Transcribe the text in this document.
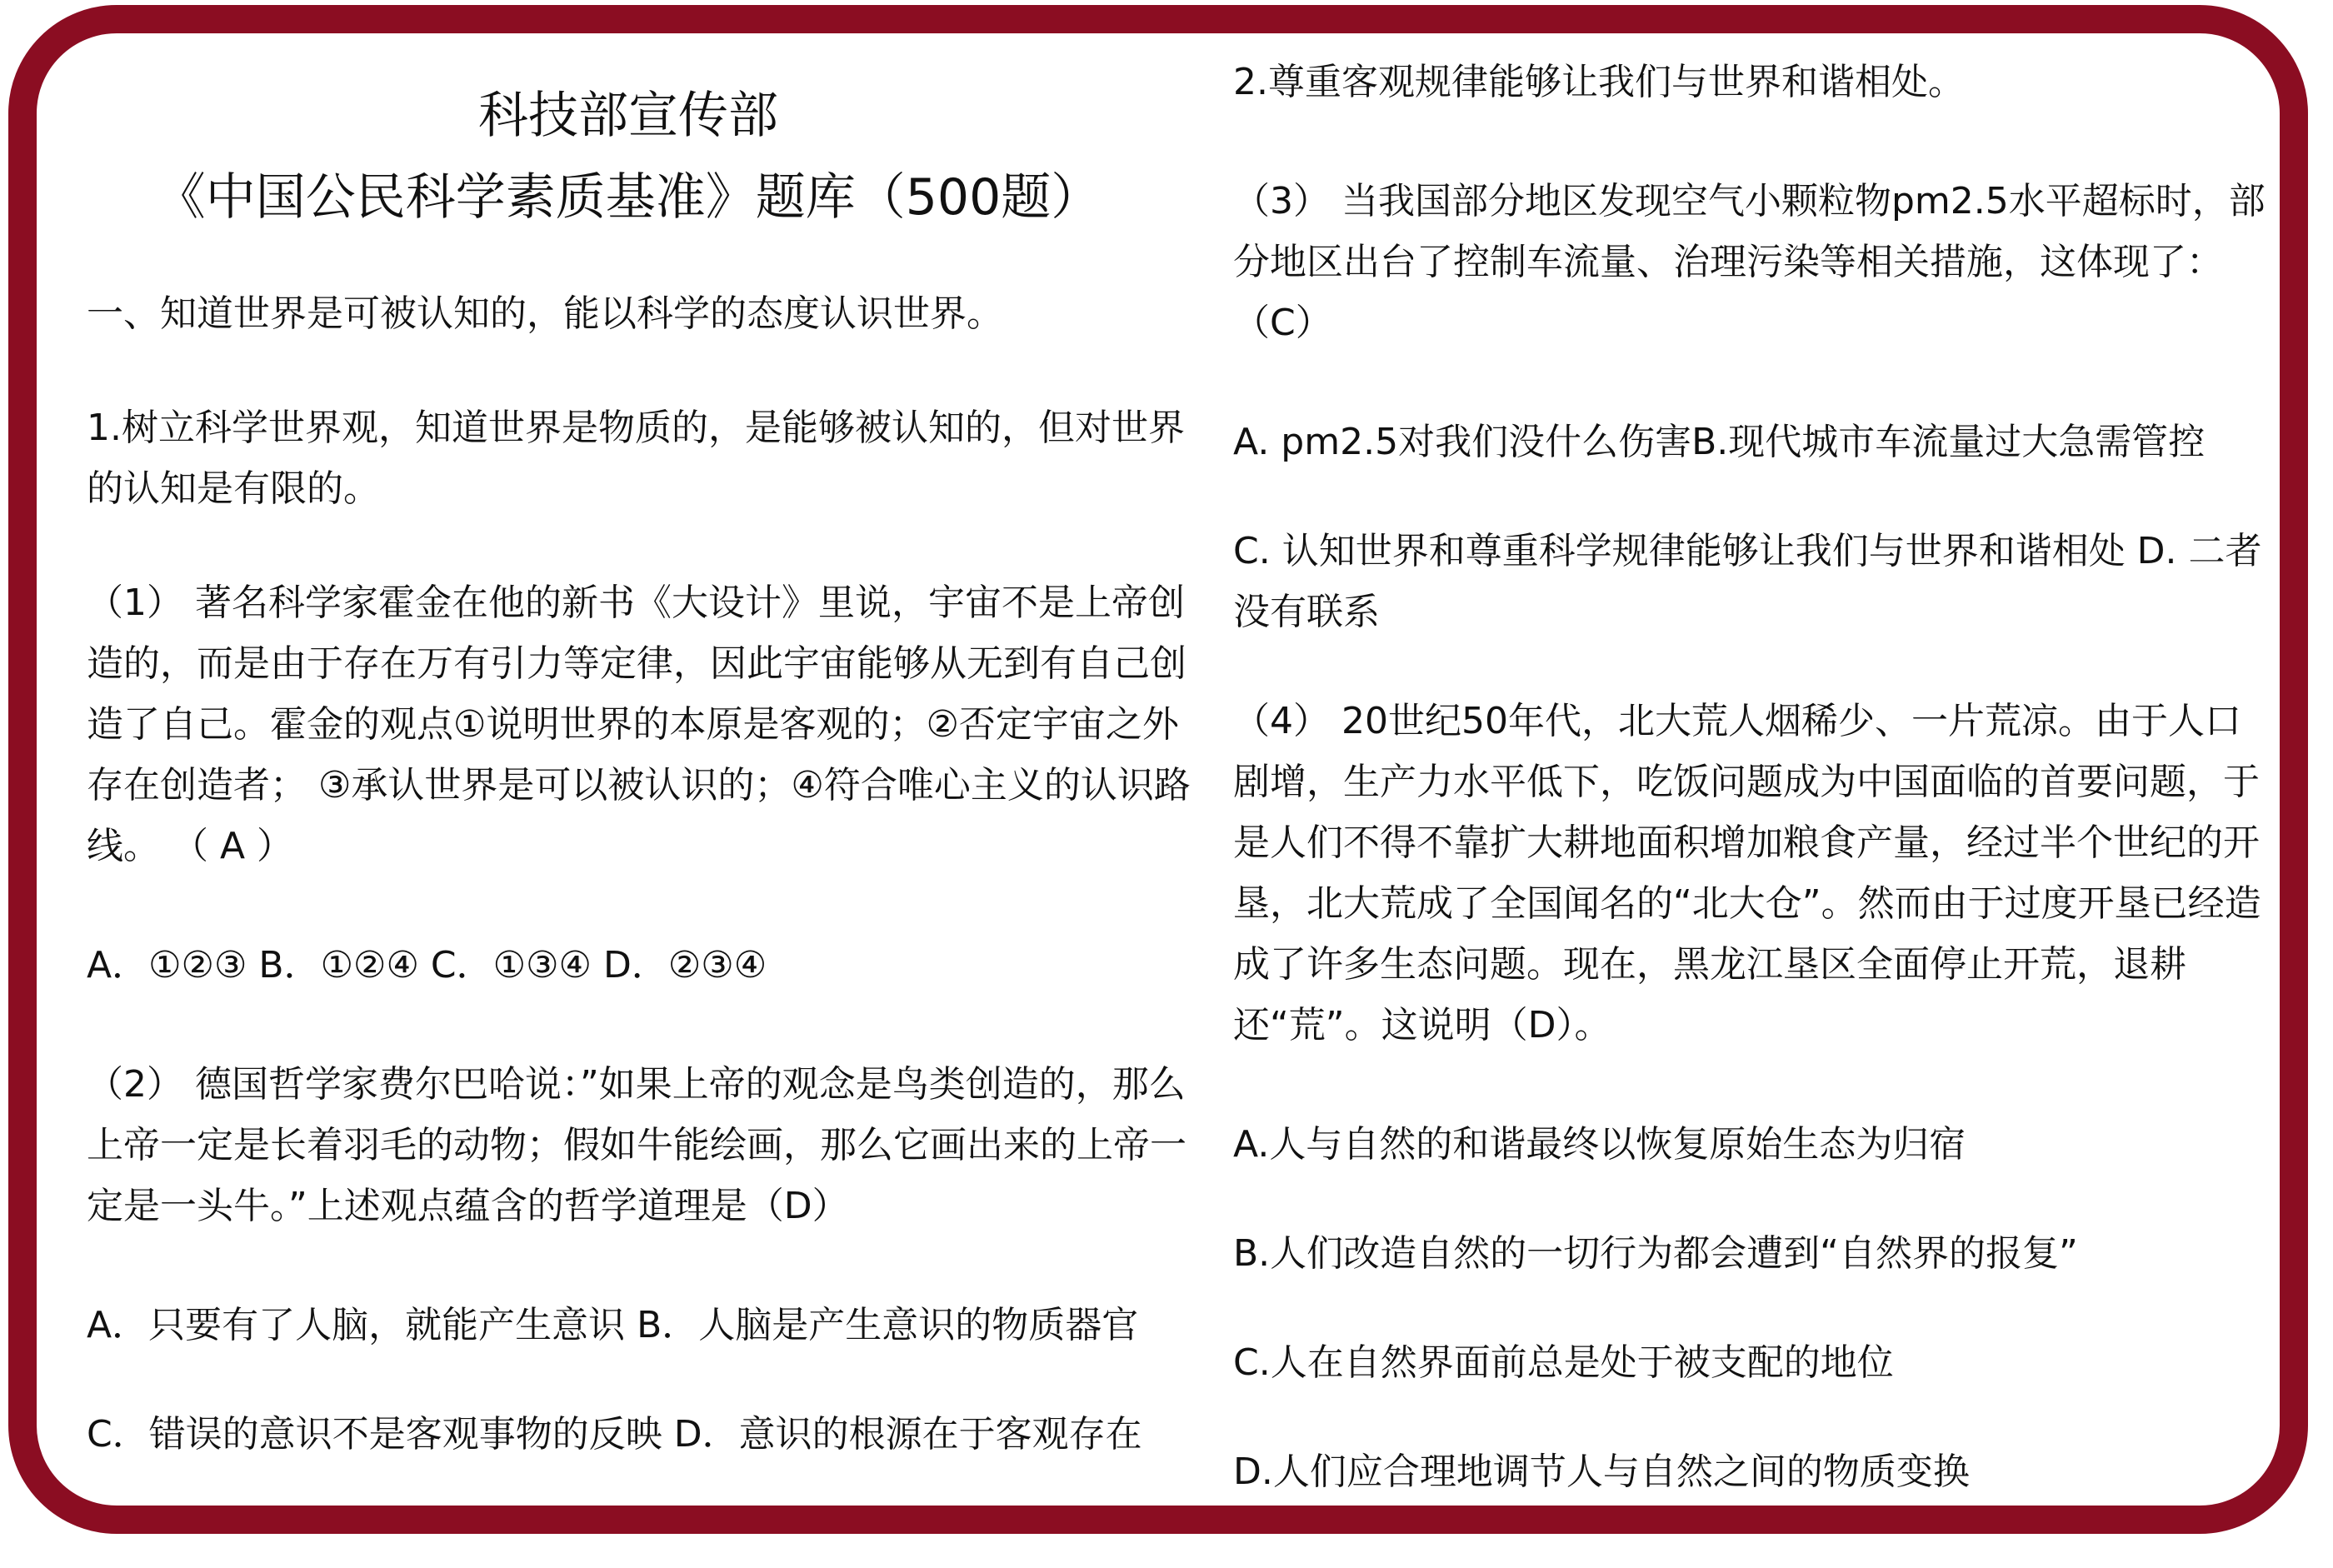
科技部宣传部

《中国公民科学素质基准》题库（500题）

一、知道世界是可被认知的，能以科学的态度认识世界。

1.树立科学世界观，知道世界是物质的，是能够被认知的，但对世界的认知是有限的。

（1） 著名科学家霍金在他的新书《大设计》里说，宇宙不是上帝创造的，而是由于存在万有引力等定律，因此宇宙能够从无到有自己创造了自己。霍金的观点①说明世界的本原是客观的；②否定宇宙之外存在创造者； ③承认世界是可以被认识的；④符合唯心主义的认识路线。 （ A ）

A．①②③ B．①②④ C．①③④ D．②③④

（2） 德国哲学家费尔巴哈说：”如果上帝的观念是鸟类创造的，那么上帝一定是长着羽毛的动物；假如牛能绘画，那么它画出来的上帝一定是一头牛。”上述观点蕴含的哲学道理是（D）

A．只要有了人脑，就能产生意识 B．人脑是产生意识的物质器官

C．错误的意识不是客观事物的反映 D．意识的根源在于客观存在

2.尊重客观规律能够让我们与世界和谐相处。

（3） 当我国部分地区发现空气小颗粒物pm2.5水平超标时，部分地区出台了控制车流量、治理污染等相关措施，这体现了：（C）

A. pm2.5对我们没什么伤害B.现代城市车流量过大急需管控

C. 认知世界和尊重科学规律能够让我们与世界和谐相处 D. 二者没有联系

（4） 20世纪50年代，北大荒人烟稀少、一片荒凉。由于人口剧增，生产力水平低下，吃饭问题成为中国面临的首要问题，于是人们不得不靠扩大耕地面积增加粮食产量，经过半个世纪的开垦，北大荒成了全国闻名的“北大仓”。然而由于过度开垦已经造成了许多生态问题。现在，黑龙江垦区全面停止开荒，退耕还“荒”。这说明（D）。

A.人与自然的和谐最终以恢复原始生态为归宿

B.人们改造自然的一切行为都会遭到“自然界的报复”

C.人在自然界面前总是处于被支配的地位

D.人们应合理地调节人与自然之间的物质变换
